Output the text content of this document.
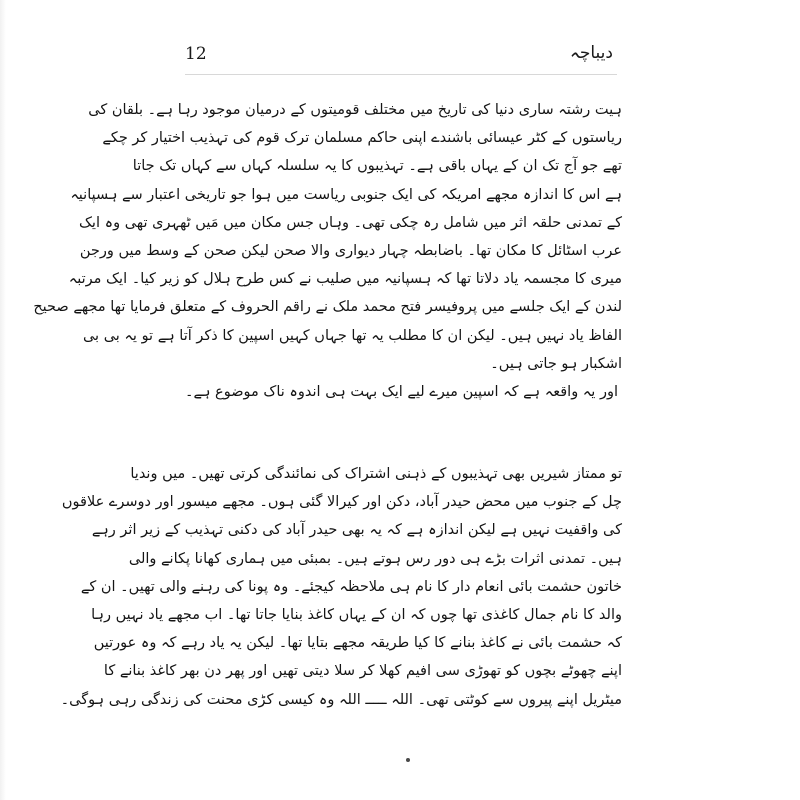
12	دیباچہ
ہیت رشتہ ساری دنیا کی تاریخ میں مختلف قومیتوں کے درمیان موجود رہا ہے۔ بلقان کی
ریاستوں کے کٹر عیسائی باشندے اپنی حاکم مسلمان ترک قوم کی تہذیب اختیار کر چکے
تھے جو آج تک ان کے یہاں باقی ہے۔ تہذیبوں کا یہ سلسلہ کہاں سے کہاں تک جاتا
ہے اس کا اندازہ مجھے امریکہ کی ایک جنوبی ریاست میں ہوا جو تاریخی اعتبار سے ہسپانیہ
کے تمدنی حلقہ اثر میں شامل رہ چکی تھی۔ وہاں جس مکان میں مَیں ٹھہری تھی وہ ایک
عرب اسٹائل کا مکان تھا۔ باضابطہ چہار دیواری والا صحن لیکن صحن کے وسط میں ورجن
میری کا مجسمہ یاد دلاتا تھا کہ ہسپانیہ میں صلیب نے کس طرح ہلال کو زیر کیا۔ ایک مرتبہ
لندن کے ایک جلسے میں پروفیسر فتح محمد ملک نے راقم الحروف کے متعلق فرمایا تھا مجھے صحیح
الفاظ یاد نہیں ہیں۔ لیکن ان کا مطلب یہ تھا جہاں کہیں اسپین کا ذکر آتا ہے تو یہ بی بی
اشکبار ہو جاتی ہیں۔
اور یہ واقعہ ہے کہ اسپین میرے لیے ایک بہت ہی اندوہ ناک موضوع ہے۔
تو ممتاز شیریں بھی تہذیبوں کے ذہنی اشتراک کی نمائندگی کرتی تھیں۔ میں وندیا
چل کے جنوب میں محض حیدر آباد، دکن اور کیرالا گئی ہوں۔ مجھے میسور اور دوسرے علاقوں
کی واقفیت نہیں ہے لیکن اندازہ ہے کہ یہ بھی حیدر آباد کی دکنی تہذیب کے زیر اثر رہے
ہیں۔ تمدنی اثرات بڑے ہی دور رس ہوتے ہیں۔ بمبئی میں ہماری کھانا پکانے والی
خاتون حشمت بائی انعام دار کا نام ہی ملاحظہ کیجئے۔ وہ پونا کی رہنے والی تھیں۔ ان کے
والد کا نام جمال کاغذی تھا چوں کہ ان کے یہاں کاغذ بنایا جاتا تھا۔ اب مجھے یاد نہیں رہا
کہ حشمت بائی نے کاغذ بنانے کا کیا طریقہ مجھے بتایا تھا۔ لیکن یہ یاد رہے کہ وہ عورتیں
اپنے چھوٹے بچوں کو تھوڑی سی افیم کھلا کر سلا دیتی تھیں اور پھر دن بھر کاغذ بنانے کا
میٹریل اپنے پیروں سے کوٹتی تھی۔ اللہ ـــــ اللہ وہ کیسی کڑی محنت کی زندگی رہی ہوگی۔
